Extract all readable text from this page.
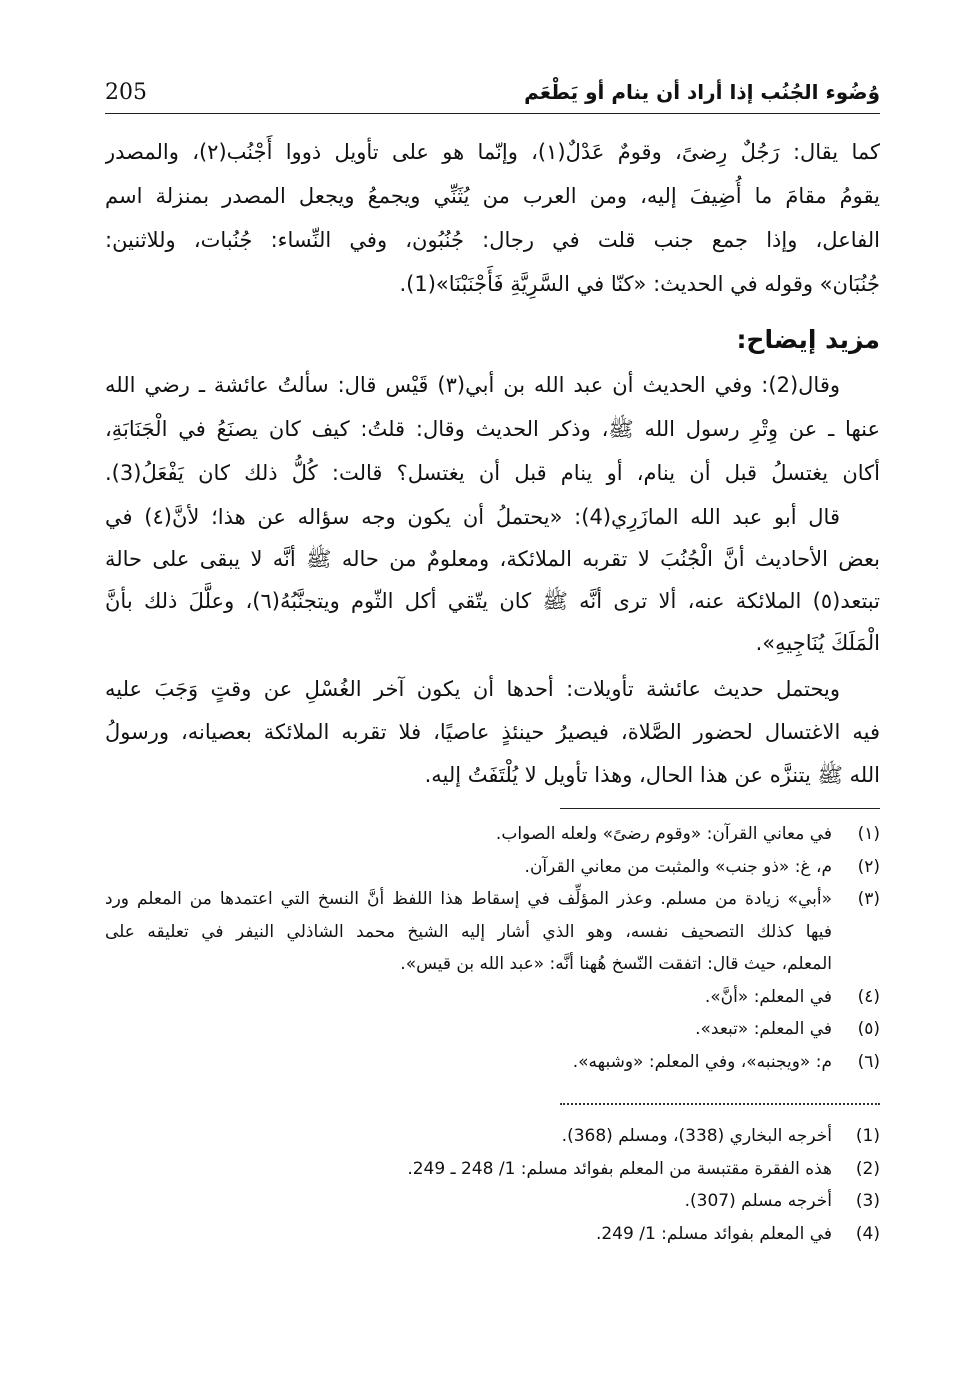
وُضُوء الجُنُب إذا أراد أن ينام أو يَطْعَم
205
كما يقال: رَجُلٌ رِضىً، وقومٌ عَدْلٌ(١)، وإنّما هو على تأويل ذووا أَجْنُب(٢)، والمصدر
يقومُ مقامَ ما أُضِيفَ إليه، ومن العرب من يُثَنِّي ويجمعُ ويجعل المصدر بمنزلة اسم
الفاعل، وإذا جمع جنب قلت في رجال: جُنُبُون، وفي النِّساء: جُنُبات، وللاثنين:
جُنُبَان» وقوله في الحديث: «كنّا في السَّرِيَّةِ فَأَجْنَبْنَا»(1).
مزيد إيضاح:
وقال(2): وفي الحديث أن عبد الله بن أبي(٣) قَيْس قال: سألتُ عائشة ـ رضي الله
عنها ـ عن وِتْرِ رسول الله ﷺ، وذكر الحديث وقال: قلتُ: كيف كان يصنَعُ في الْجَنَابَةِ،
أكان يغتسلُ قبل أن ينام، أو ينام قبل أن يغتسل؟ قالت: كُلُّ ذلك كان يَفْعَلُ(3).
قال أبو عبد الله المازَرِي(4): «يحتملُ أن يكون وجه سؤاله عن هذا؛ لأنَّ(٤) في
بعض الأحاديث أنَّ الْجُنُبَ لا تقربه الملائكة، ومعلومٌ من حاله ﷺ أنَّه لا يبقى على حالة
تبتعد(٥) الملائكة عنه، ألا ترى أنَّه ﷺ كان يتّقي أكل الثّوم ويتجنَّبُهُ(٦)، وعلَّلَ ذلك بأنَّ
الْمَلَكَ يُنَاجِيهِ».
ويحتمل حديث عائشة تأويلات: أحدها أن يكون آخر الغُسْلِ عن وقتٍ وَجَبَ عليه
فيه الاغتسال لحضور الصَّلاة، فيصيرُ حينئذٍ عاصيًا، فلا تقربه الملائكة بعصيانه، ورسولُ
الله ﷺ يتنزَّه عن هذا الحال، وهذا تأويل لا يُلْتَفَتُ إليه.
(١)
في معاني القرآن: «وقوم رضىً» ولعله الصواب.
(٢)
م، غ: «ذو جنب» والمثبت من معاني القرآن.
(٣)
«أبي» زيادة من مسلم. وعذر المؤلِّف في إسقاط هذا اللفظ أنَّ النسخ التي اعتمدها من المعلم ورد
فيها كذلك التصحيف نفسه، وهو الذي أشار إليه الشيخ محمد الشاذلي النيفر في تعليقه على
المعلم، حيث قال: اتفقت النّسخ هُهنا أنَّه: «عبد الله بن قيس».
(٤)
في المعلم: «أنَّ».
(٥)
في المعلم: «تبعد».
(٦)
م: «ويجنبه»، وفي المعلم: «وشبهه».
(1)
أخرجه البخاري (338)، ومسلم (368).
(2)
هذه الفقرة مقتبسة من المعلم بفوائد مسلم: 1/ 248 ـ 249.
(3)
أخرجه مسلم (307).
(4)
في المعلم بفوائد مسلم: 1/ 249.
